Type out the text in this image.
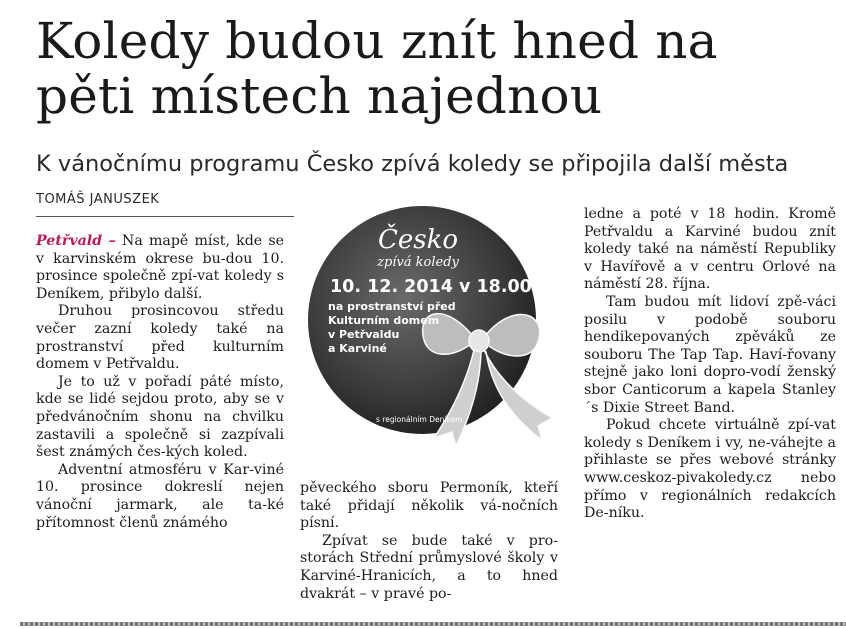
Koledy budou znít hned na pěti místech najednou
K vánočnímu programu Česko zpívá koledy se připojila další města
TOMÁŠ JANUSZEK

Petřvald – Na mapě míst, kde se v karvinském okrese bu-dou 10. prosince společně zpí-vat koledy s Deníkem, přibylo další.

Druhou prosincovou středu večer zazní koledy také na prostranství před kulturním domem v Petřvaldu.

Je to už v pořadí páté místo, kde se lidé sejdou proto, aby se v předvánočním shonu na chvilku zastavili a společně si zazpívali šest známých čes-kých koled.

Adventní atmosféru v Kar-viné 10. prosince dokreslí nejen vánoční jarmark, ale ta-ké přítomnost členů známého

Česko
zpívá koledy
10. 12. 2014 v 18.00
na prostranství před
Kulturním domem
v Petřvaldu
a Karviné
s regionálním Deníkem

pěveckého sboru Permoník, kteří také přidají několik vá-nočních písní.

Zpívat se bude také v pro-storách Střední průmyslové školy v Karviné-Hranicích, a to hned dvakrát – v pravé po-

ledne a poté v 18 hodin. Kromě Petřvaldu a Karviné budou znít koledy také na náměstí Republiky v Havířově a v centru Orlové na náměstí 28. října.

Tam budou mít lidoví zpě-váci posilu v podobě souboru hendikepovaných zpěváků ze souboru The Tap Tap. Haví-řovany stejně jako loni dopro-vodí ženský sbor Canticorum a kapela Stanley´s Dixie Street Band.

Pokud chcete virtuálně zpí-vat koledy s Deníkem i vy, ne-váhejte a přihlaste se přes webové stránky www.ceskoz-pivakoledy.cz nebo přímo v regionálních redakcích De-níku.
